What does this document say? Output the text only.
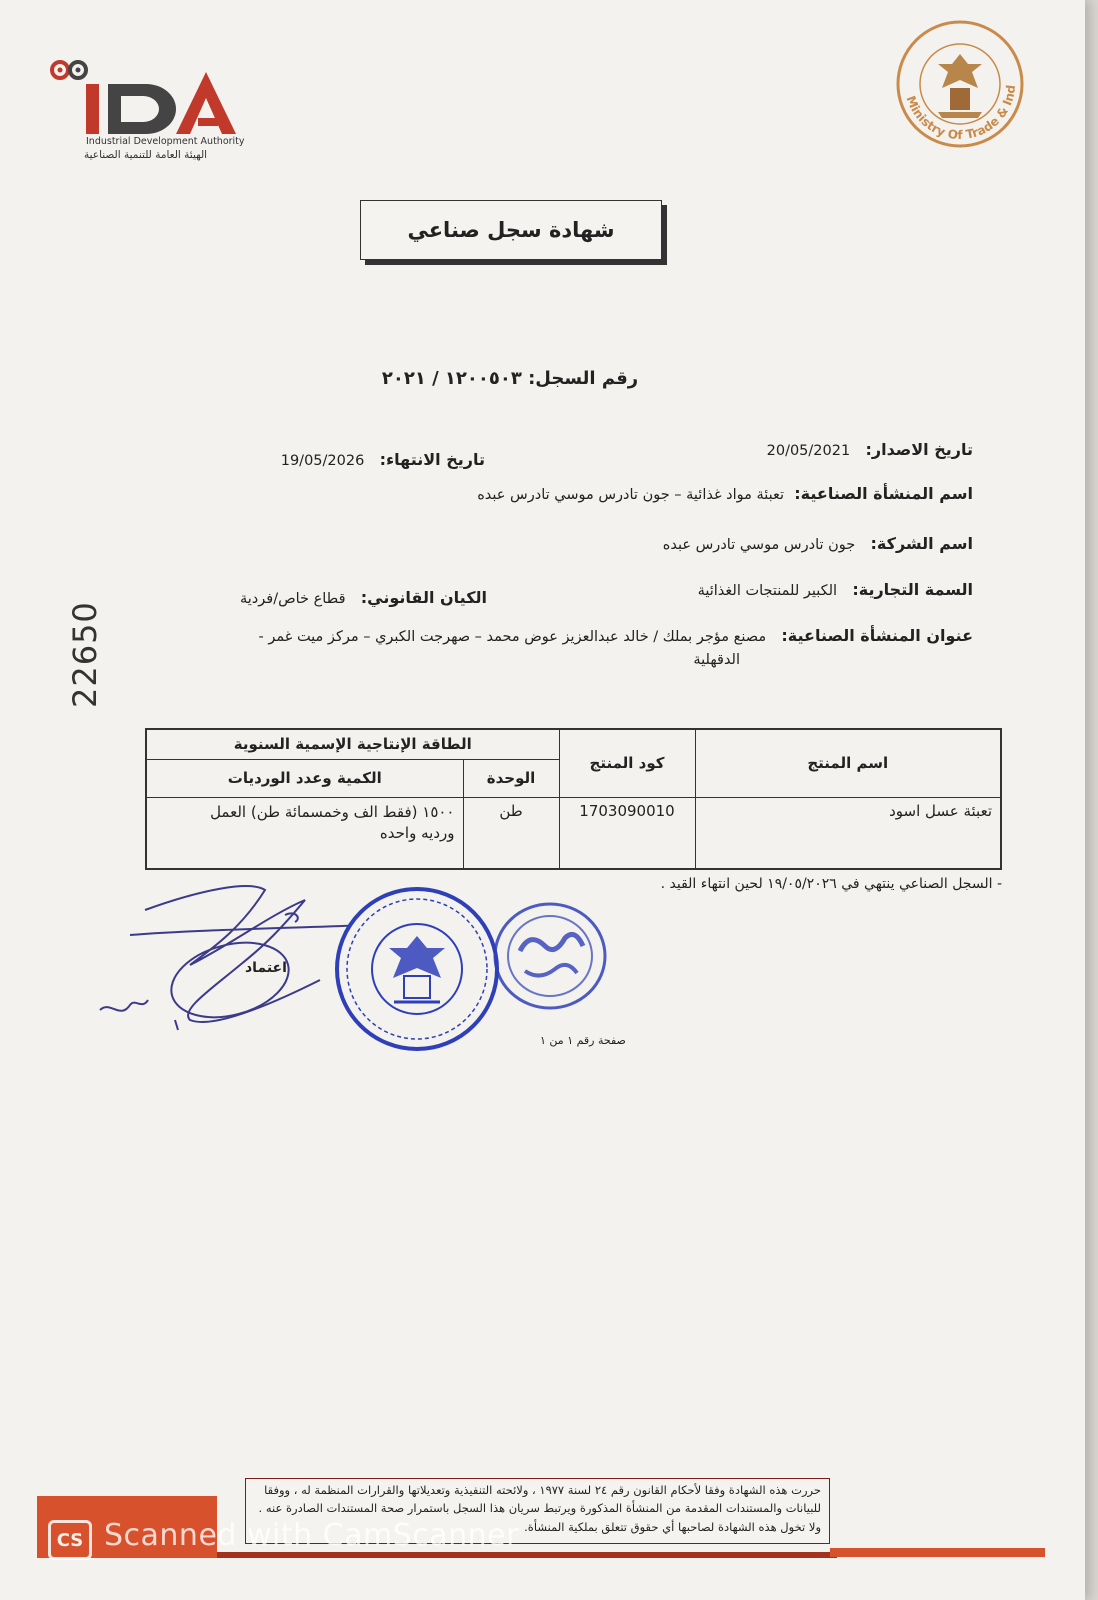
Industrial Development Authority
الهيئة العامة للتنمية الصناعية
Ministry Of Trade & Ind
شهادة سجل صناعي
رقم السجل: ١٢٠٠٥٠٣ / ٢٠٢١
22650
تاريخ الاصدار:   20/05/2021
تاريخ الانتهاء:   19/05/2026
اسم المنشأة الصناعية:  تعبئة مواد غذائية – جون تادرس موسي تادرس عبده
اسم الشركة:   جون تادرس موسي تادرس عبده
السمة التجارية:   الكبير للمنتجات الغذائية
الكيان القانوني:   قطاع خاص/فردية
عنوان المنشأة الصناعية:   مصنع مؤجر بملك / خالد عبدالعزيز عوض محمد – صهرجت الكبري – مركز ميت غمر -
الدقهلية
اسم المنتج	كود المنتج	الطاقة الإنتاجية الإسمية السنوية	
		الوحدة	الكمية وعدد الورديات
تعبئة عسل اسود	1703090010	طن	١٥٠٠ (فقط الف وخمسمائة طن) العمل
ورديه واحده
- السجل الصناعي ينتهي في ١٩/٠٥/٢٠٢٦ لحين انتهاء القيد .
اعتماد
صفحة رقم ١ من ١
حررت هذه الشهادة وفقا لأحكام القانون رقم ٢٤ لسنة ١٩٧٧ ، ولائحته التنفيذية وتعديلاتها والقرارات المنظمة له ، ووفقا للبيانات والمستندات المقدمة من المنشأة المذكورة ويرتبط سريان هذا السجل باستمرار صحة المستندات الصادرة عنه . ولا تخول هذه الشهادة لصاحبها أي حقوق تتعلق بملكية المنشأة.
CS Scanned with CamScanner
